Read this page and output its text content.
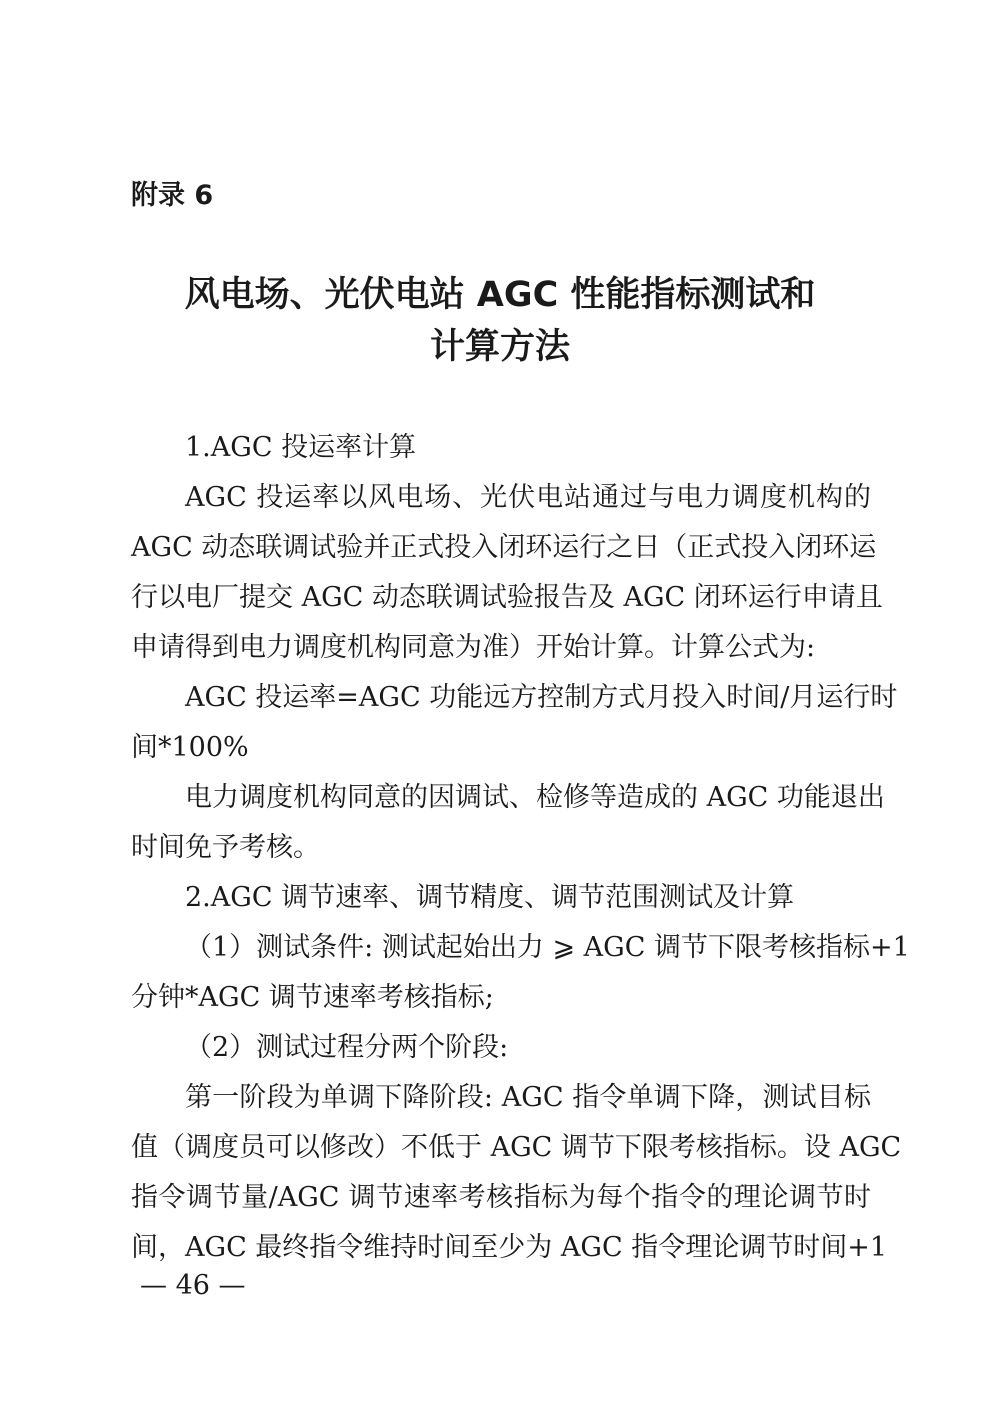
附录 6
风电场、光伏电站 AGC 性能指标测试和
计算方法
1.AGC 投运率计算
AGC 投运率以风电场、光伏电站通过与电力调度机构的
AGC 动态联调试验并正式投入闭环运行之日（正式投入闭环运
行以电厂提交 AGC 动态联调试验报告及 AGC 闭环运行申请且
申请得到电力调度机构同意为准）开始计算。计算公式为:
AGC 投运率=AGC 功能远方控制方式月投入时间/月运行时
间*100%
电力调度机构同意的因调试、检修等造成的 AGC 功能退出
时间免予考核。
2.AGC 调节速率、调节精度、调节范围测试及计算
（1）测试条件: 测试起始出力 ⩾ AGC 调节下限考核指标+1
分钟*AGC 调节速率考核指标;
（2）测试过程分两个阶段:
第一阶段为单调下降阶段: AGC 指令单调下降，测试目标
值（调度员可以修改）不低于 AGC 调节下限考核指标。设 AGC
指令调节量/AGC 调节速率考核指标为每个指令的理论调节时
间，AGC 最终指令维持时间至少为 AGC 指令理论调节时间+1
— 46 —
